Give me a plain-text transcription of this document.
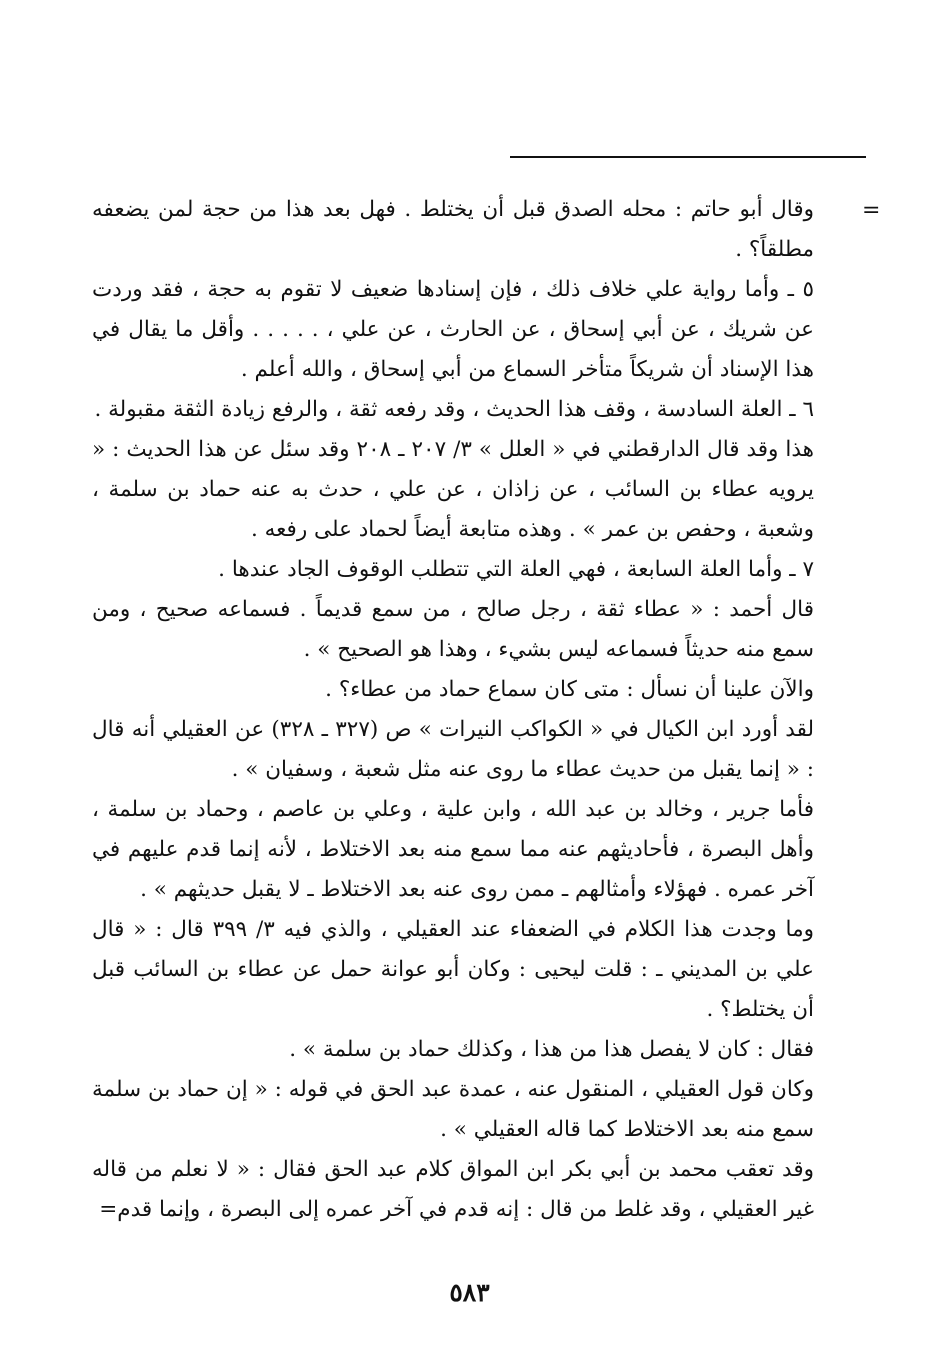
=

وقال أبو حاتم : محله الصدق قبل أن يختلط . فهل بعد هذا من حجة لمن يضعفه مطلقاً؟ .

٥ ـ وأما رواية علي خلاف ذلك ، فإن إسنادها ضعيف لا تقوم به حجة ، فقد وردت عن شريك ، عن أبي إسحاق ، عن الحارث ، عن علي ، . . . . . وأقل ما يقال في هذا الإسناد أن شريكاً متأخر السماع من أبي إسحاق ، والله أعلم .

٦ ـ العلة السادسة ، وقف هذا الحديث ، وقد رفعه ثقة ، والرفع زيادة الثقة مقبولة .

هذا وقد قال الدارقطني في « العلل » ٣/ ٢٠٧ ـ ٢٠٨ وقد سئل عن هذا الحديث : « يرويه عطاء بن السائب ، عن زاذان ، عن علي ، حدث به عنه حماد بن سلمة ، وشعبة ، وحفص بن عمر » . وهذه متابعة أيضاً لحماد على رفعه .

٧ ـ وأما العلة السابعة ، فهي العلة التي تتطلب الوقوف الجاد عندها .

قال أحمد : « عطاء ثقة ، رجل صالح ، من سمع قديماً . فسماعه صحيح ، ومن سمع منه حديثاً فسماعه ليس بشيء ، وهذا هو الصحيح » .

والآن علينا أن نسأل : متى كان سماع حماد من عطاء؟ .

لقد أورد ابن الكيال في « الكواكب النيرات » ص (٣٢٧ ـ ٣٢٨) عن العقيلي أنه قال : « إنما يقبل من حديث عطاء ما روى عنه مثل شعبة ، وسفيان » .

فأما جرير ، وخالد بن عبد الله ، وابن علية ، وعلي بن عاصم ، وحماد بن سلمة ، وأهل البصرة ، فأحاديثهم عنه مما سمع منه بعد الاختلاط ، لأنه إنما قدم عليهم في آخر عمره . فهؤلاء وأمثالهم ـ ممن روى عنه بعد الاختلاط ـ لا يقبل حديثهم » .

وما وجدت هذا الكلام في الضعفاء عند العقيلي ، والذي فيه ٣/ ٣٩٩ قال : « قال علي بن المديني ـ : قلت ليحيى : وكان أبو عوانة حمل عن عطاء بن السائب قبل أن يختلط؟ .

فقال : كان لا يفصل هذا من هذا ، وكذلك حماد بن سلمة » .

وكان قول العقيلي ، المنقول عنه ، عمدة عبد الحق في قوله : « إن حماد بن سلمة سمع منه بعد الاختلاط كما قاله العقيلي » .

وقد تعقب محمد بن أبي بكر ابن المواق كلام عبد الحق فقال : « لا نعلم من قاله غير العقيلي ، وقد غلط من قال : إنه قدم في آخر عمره إلى البصرة ، وإنما قدم=

٥٨٣
